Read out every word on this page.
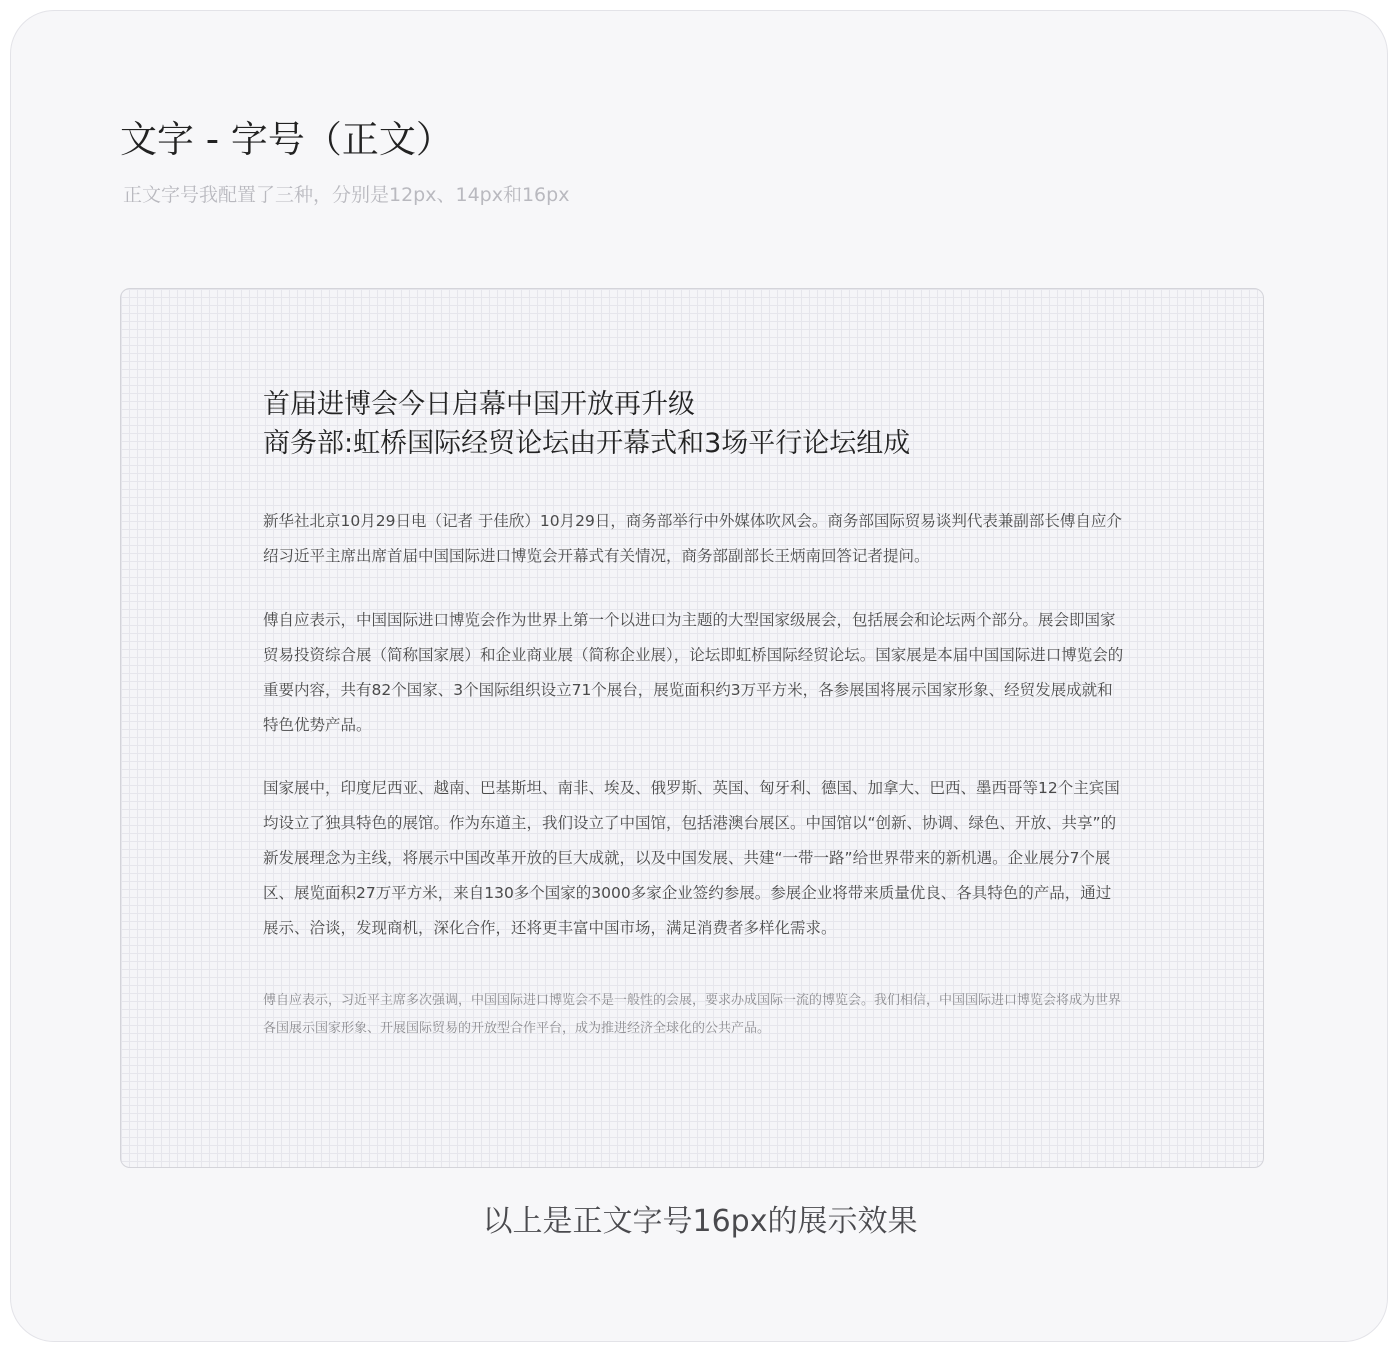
文字 - 字号（正文）
正文字号我配置了三种，分别是12px、14px和16px
首届进博会今日启幕中国开放再升级
商务部:虹桥国际经贸论坛由开幕式和3场平行论坛组成

新华社北京10月29日电（记者 于佳欣）10月29日，商务部举行中外媒体吹风会。商务部国际贸易谈判代表兼副部长傅自应介绍习近平主席出席首届中国国际进口博览会开幕式有关情况，商务部副部长王炳南回答记者提问。

傅自应表示，中国国际进口博览会作为世界上第一个以进口为主题的大型国家级展会，包括展会和论坛两个部分。展会即国家贸易投资综合展（简称国家展）和企业商业展（简称企业展），论坛即虹桥国际经贸论坛。国家展是本届中国国际进口博览会的重要内容，共有82个国家、3个国际组织设立71个展台，展览面积约3万平方米，各参展国将展示国家形象、经贸发展成就和特色优势产品。

国家展中，印度尼西亚、越南、巴基斯坦、南非、埃及、俄罗斯、英国、匈牙利、德国、加拿大、巴西、墨西哥等12个主宾国均设立了独具特色的展馆。作为东道主，我们设立了中国馆，包括港澳台展区。中国馆以“创新、协调、绿色、开放、共享”的新发展理念为主线，将展示中国改革开放的巨大成就，以及中国发展、共建“一带一路”给世界带来的新机遇。企业展分7个展区、展览面积27万平方米，来自130多个国家的3000多家企业签约参展。参展企业将带来质量优良、各具特色的产品，通过展示、洽谈，发现商机，深化合作，还将更丰富中国市场，满足消费者多样化需求。

傅自应表示，习近平主席多次强调，中国国际进口博览会不是一般性的会展，要求办成国际一流的博览会。我们相信，中国国际进口博览会将成为世界各国展示国家形象、开展国际贸易的开放型合作平台，成为推进经济全球化的公共产品。

以上是正文字号16px的展示效果
